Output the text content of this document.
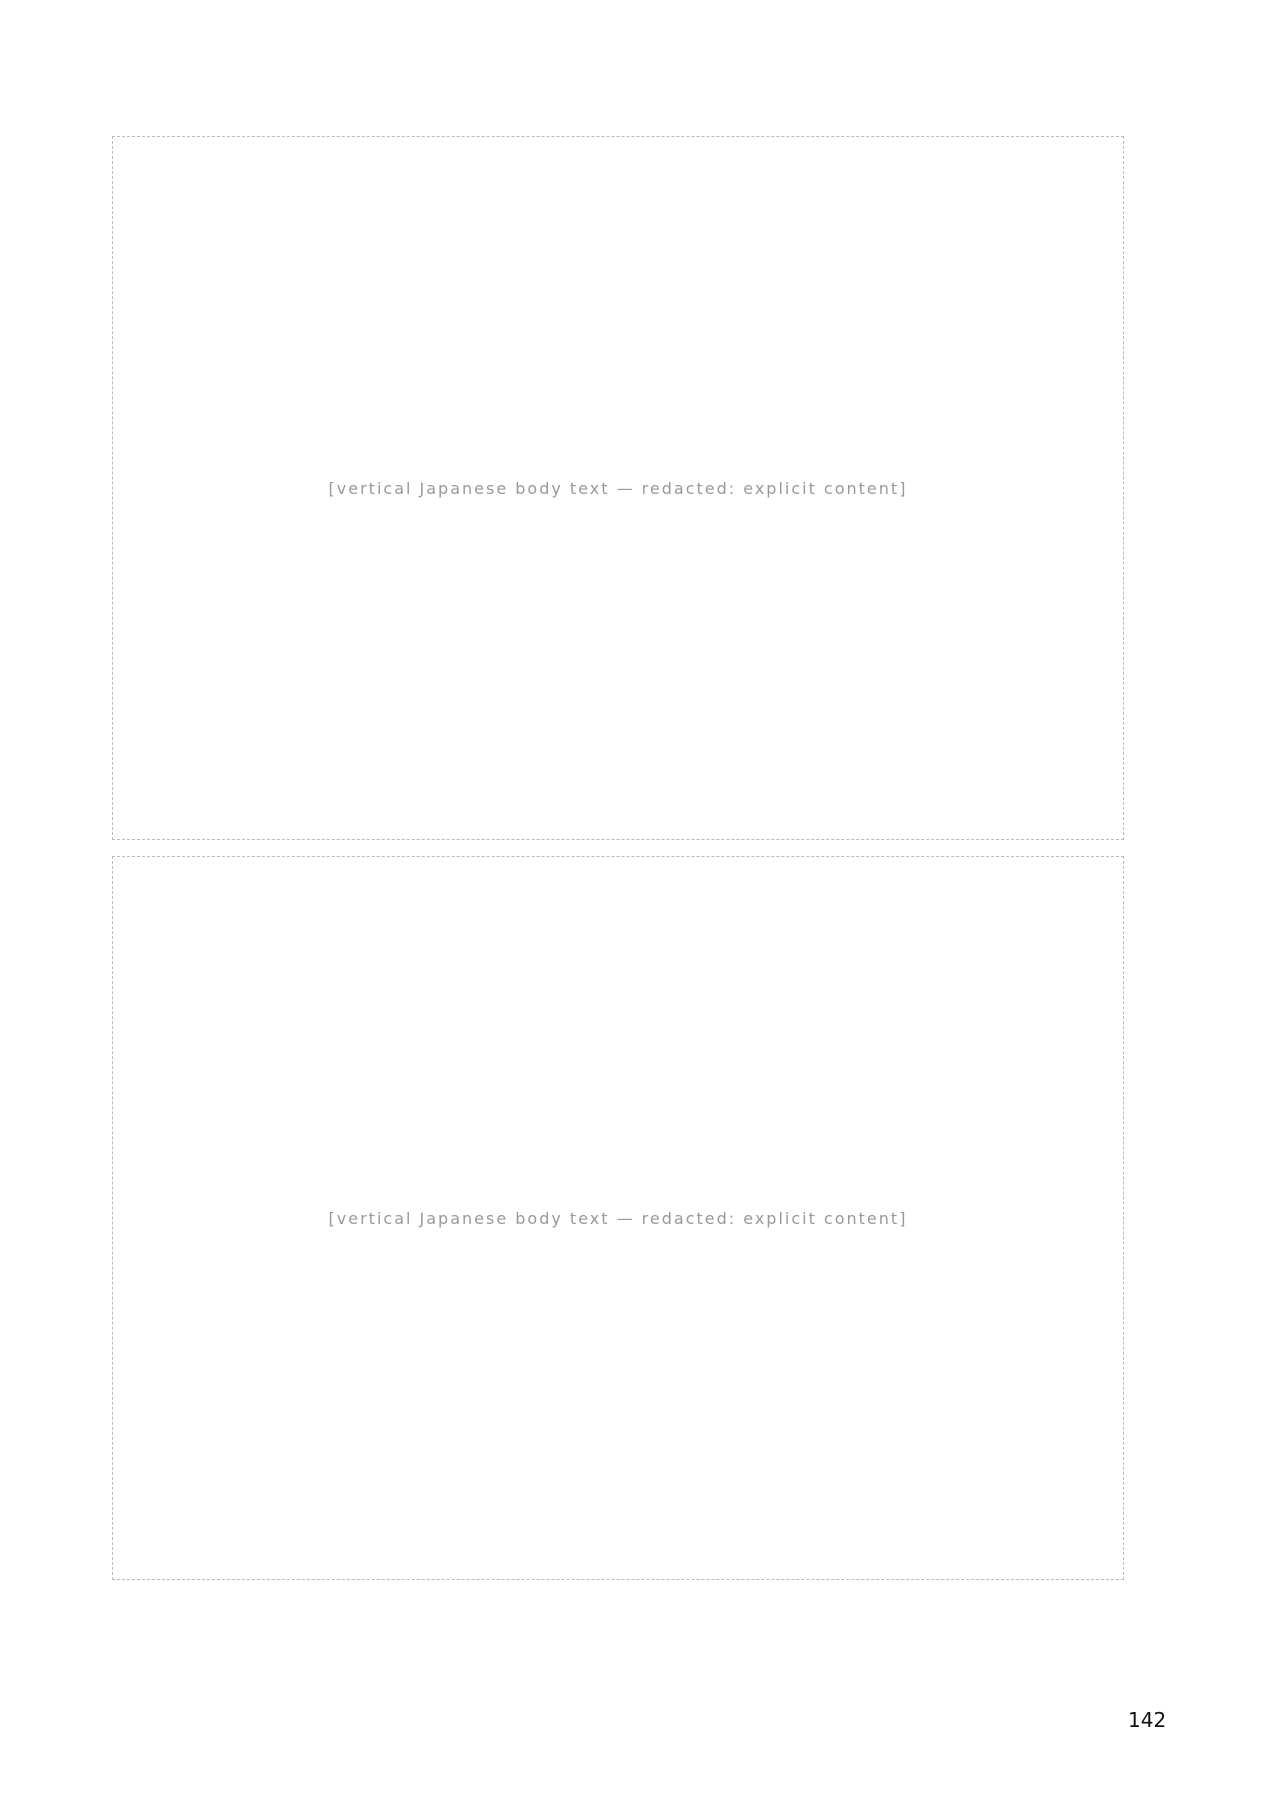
[vertical Japanese body text — redacted: explicit content]
[vertical Japanese body text — redacted: explicit content]
142
